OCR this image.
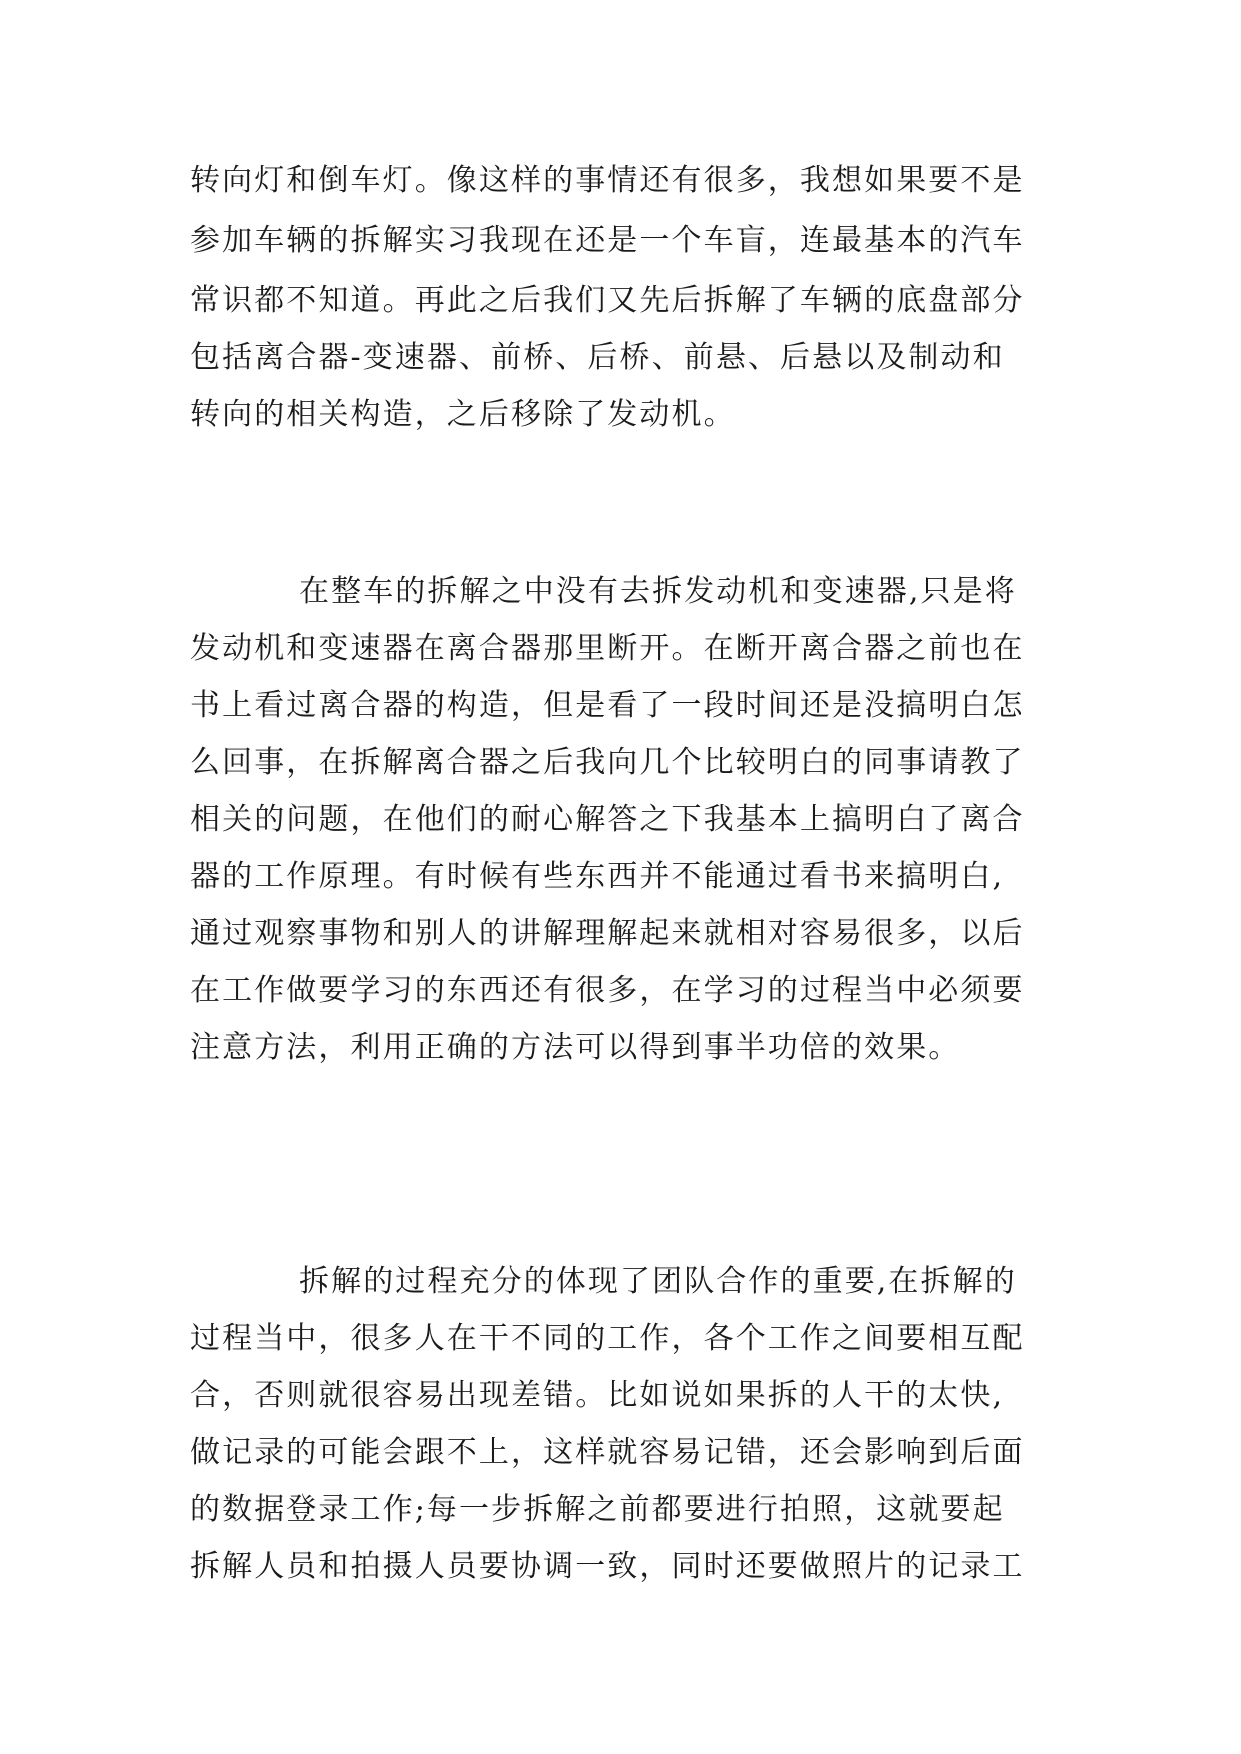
转向灯和倒车灯。像这样的事情还有很多，我想如果要不是
参加车辆的拆解实习我现在还是一个车盲，连最基本的汽车
常识都不知道。再此之后我们又先后拆解了车辆的底盘部分
包括离合器-变速器、前桥、后桥、前悬、后悬以及制动和
转向的相关构造，之后移除了发动机。
在整车的拆解之中没有去拆发动机和变速器,只是将
发动机和变速器在离合器那里断开。在断开离合器之前也在
书上看过离合器的构造，但是看了一段时间还是没搞明白怎
么回事，在拆解离合器之后我向几个比较明白的同事请教了
相关的问题，在他们的耐心解答之下我基本上搞明白了离合
器的工作原理。有时候有些东西并不能通过看书来搞明白,
通过观察事物和别人的讲解理解起来就相对容易很多，以后
在工作做要学习的东西还有很多，在学习的过程当中必须要
注意方法，利用正确的方法可以得到事半功倍的效果。
拆解的过程充分的体现了团队合作的重要,在拆解的
过程当中，很多人在干不同的工作，各个工作之间要相互配
合，否则就很容易出现差错。比如说如果拆的人干的太快,
做记录的可能会跟不上，这样就容易记错，还会影响到后面
的数据登录工作;每一步拆解之前都要进行拍照，这就要起
拆解人员和拍摄人员要协调一致，同时还要做照片的记录工
